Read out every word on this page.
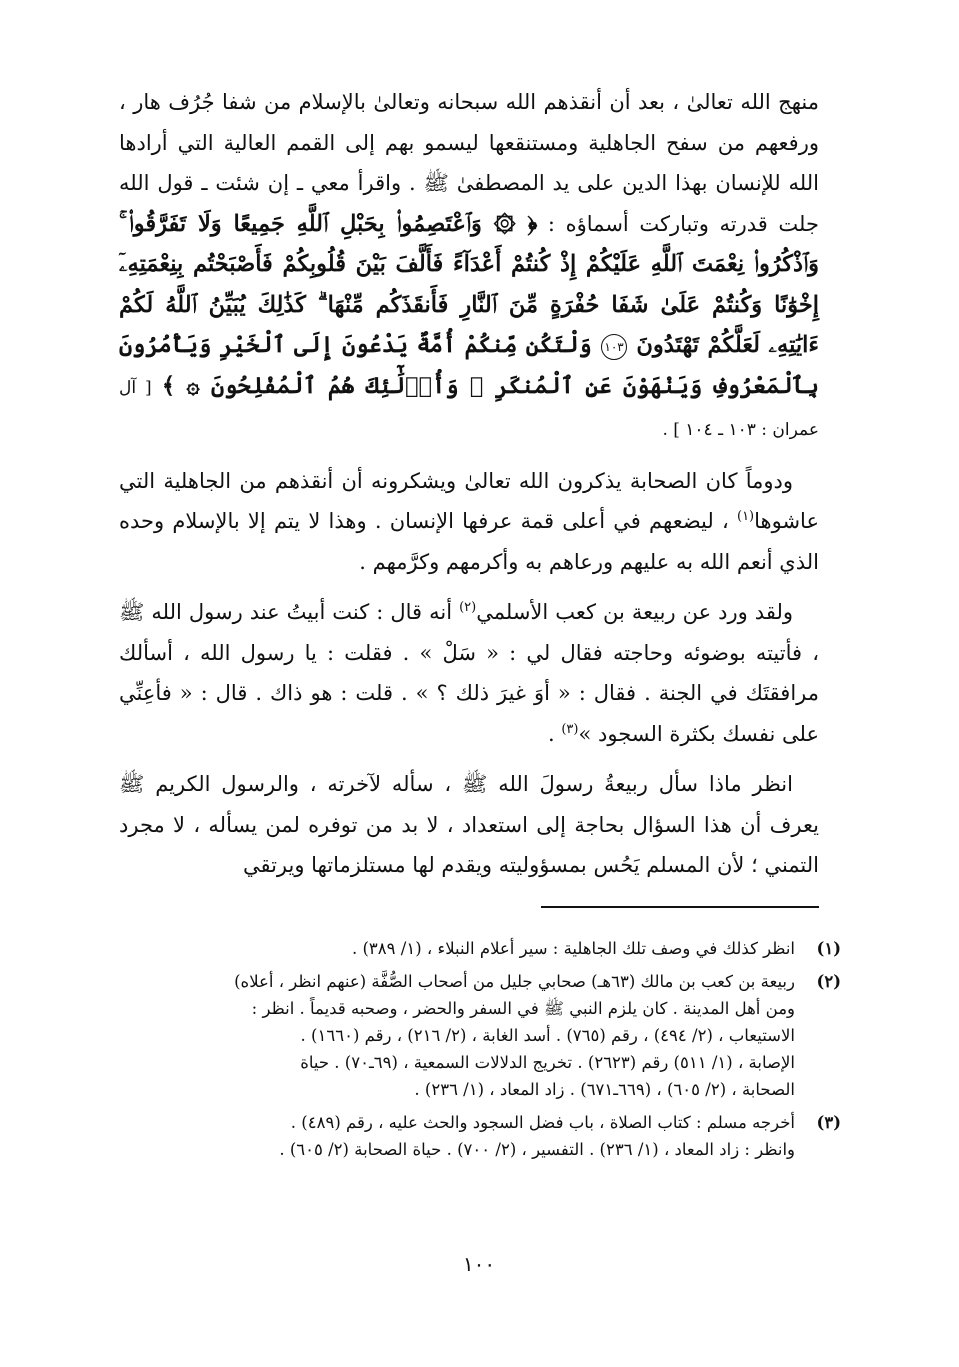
منهج الله تعالىٰ ، بعد أن أنقذهم الله سبحانه وتعالىٰ بالإسلام من شفا جُرُف هار ، ورفعهم من سفح الجاهلية ومستنقعها ليسمو بهم إلى القمم العالية التي أرادها الله للإنسان بهذا الدين على يد المصطفىٰ ﷺ . واقرأ معي ـ إن شئت ـ قول الله جلت قدرته وتباركت أسماؤه : ﴿ ۞ وَٱعْتَصِمُوا۟ بِحَبْلِ ٱللَّهِ جَمِيعًا وَلَا تَفَرَّقُوا۟ ۚ وَٱذْكُرُوا۟ نِعْمَتَ ٱللَّهِ عَلَيْكُمْ إِذْ كُنتُمْ أَعْدَآءً فَأَلَّفَ بَيْنَ قُلُوبِكُمْ فَأَصْبَحْتُم بِنِعْمَتِهِۦٓ إِخْوَٰنًا وَكُنتُمْ عَلَىٰ شَفَا حُفْرَةٍ مِّنَ ٱلنَّارِ فَأَنقَذَكُم مِّنْهَا ۗ كَذَٰلِكَ يُبَيِّنُ ٱللَّهُ لَكُمْ ءَايَٰتِهِۦ لَعَلَّكُمْ تَهْتَدُونَ ١٠٣ وَلْتَكُن مِّنكُمْ أُمَّةٌ يَدْعُونَ إِلَى ٱلْخَيْرِ وَيَأْمُرُونَ بِٱلْمَعْرُوفِ وَيَنْهَوْنَ عَنِ ٱلْمُنكَرِ ۚ وَأُو۟لَٰٓئِكَ هُمُ ٱلْمُفْلِحُونَ ۞ ﴾ [ آل عمران : ١٠٣ ـ ١٠٤ ] .

ودوماً كان الصحابة يذكرون الله تعالىٰ ويشكرونه أن أنقذهم من الجاهلية التي عاشوها$^{(١)}$ ، ليضعهم في أعلى قمة عرفها الإنسان . وهذا لا يتم إلا بالإسلام وحده الذي أنعم الله به عليهم ورعاهم به وأكرمهم وكرَّمهم .

ولقد ورد عن ربيعة بن كعب الأسلمي$^{(٢)}$ أنه قال : كنت أبيتُ عند رسول الله ﷺ ، فأتيته بوضوئه وحاجته فقال لي : « سَلْ » . فقلت : يا رسول الله ، أسألك مرافقتَك في الجنة . فقال : « أوَ غيرَ ذلك ؟ » . قلت : هو ذاك . قال : « فأعِنِّي على نفسك بكثرة السجود »$^{(٣)}$ .

انظر ماذا سأل ربيعةُ رسولَ الله ﷺ ، سأله لآخرته ، والرسول الكريم ﷺ يعرف أن هذا السؤال بحاجة إلى استعداد ، لا بد من توفره لمن يسأله ، لا مجرد التمني ؛ لأن المسلم يَحُس بمسؤوليته ويقدم لها مستلزماتها ويرتقي

(١)
انظر كذلك في وصف تلك الجاهلية : سير أعلام النبلاء ، (١/ ٣٨٩) .
(٢)
ربيعة بن كعب بن مالك (٦٣هـ) صحابي جليل من أصحاب الصُّفَّة (عنهم انظر ، أعلاه)
ومن أهل المدينة . كان يلزم النبي ﷺ في السفر والحضر ، وصحبه قديماً . انظر :
الاستيعاب ، (٢/ ٤٩٤) ، رقم (٧٦٥) . أسد الغابة ، (٢/ ٢١٦) ، رقم (١٦٦٠) .
الإصابة ، (١/ ٥١١) رقم (٢٦٢٣) . تخريج الدلالات السمعية ، (٦٩ـ٧٠) . حياة
الصحابة ، (٢/ ٦٠٥) ، (٦٦٩ـ٦٧١) . زاد المعاد ، (١/ ٢٣٦) .
(٣)
أخرجه مسلم : كتاب الصلاة ، باب فضل السجود والحث عليه ، رقم (٤٨٩) .
وانظر : زاد المعاد ، (١/ ٢٣٦) . التفسير ، (٢/ ٧٠٠) . حياة الصحابة (٢/ ٦٠٥) .
١٠٠
